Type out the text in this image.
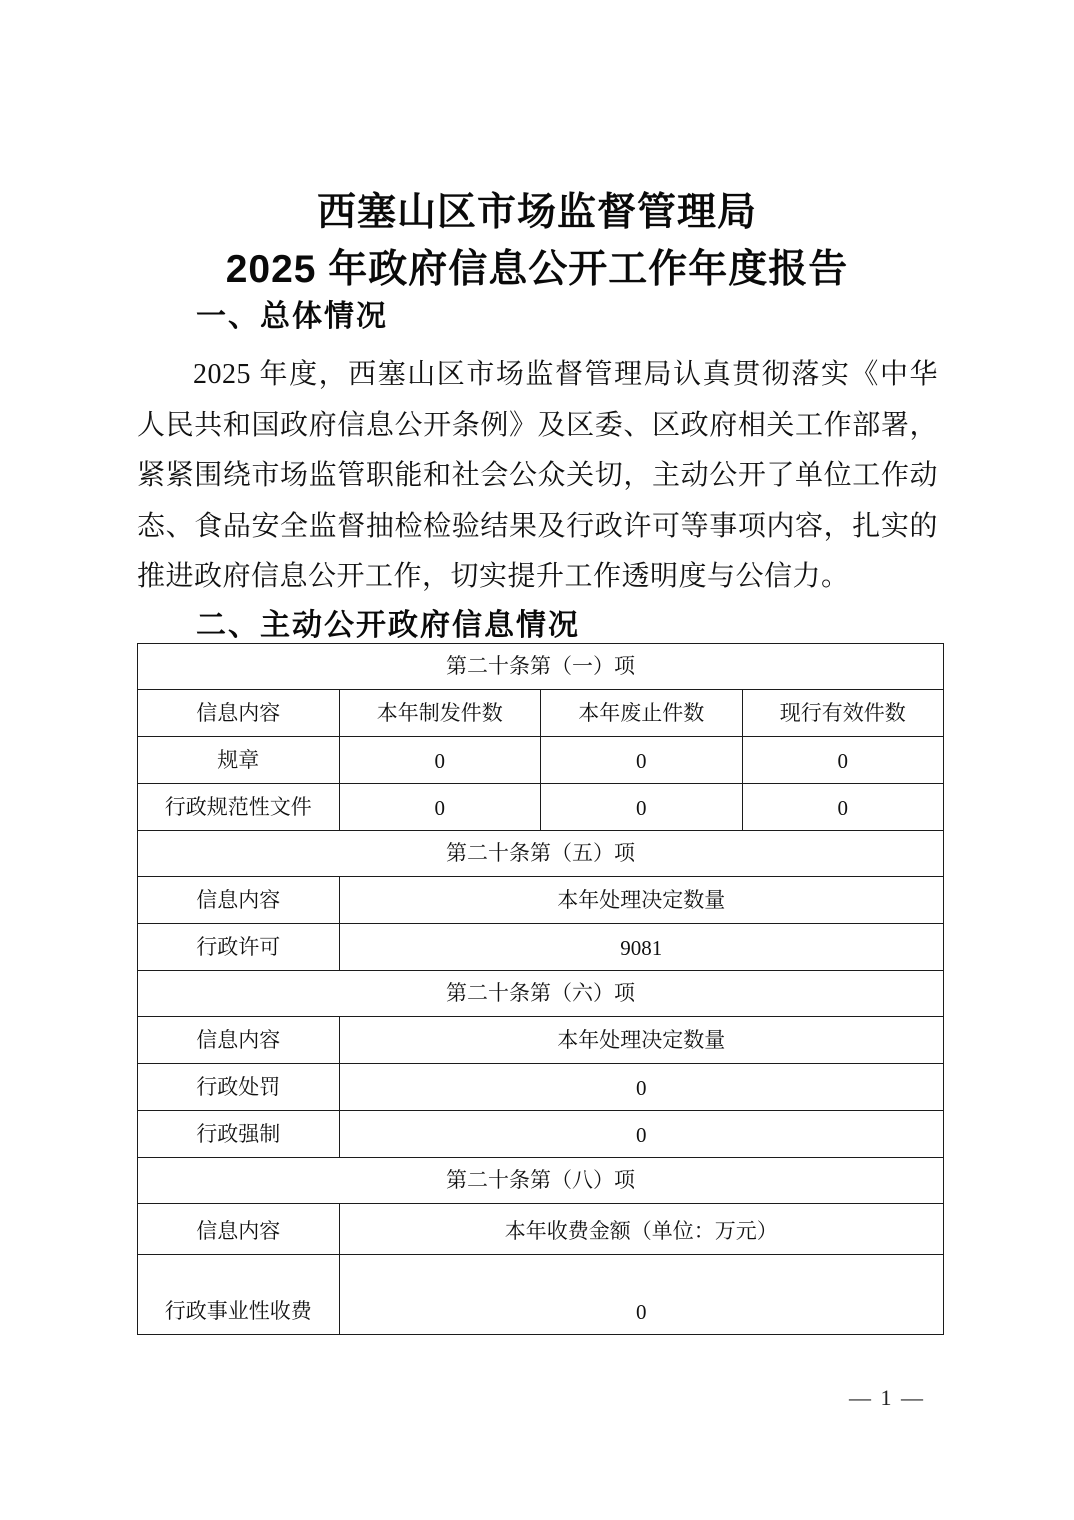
西塞山区市场监督管理局
2025 年政府信息公开工作年度报告
一、总体情况
2025 年度，西塞山区市场监督管理局认真贯彻落实《中华人民共和国政府信息公开条例》及区委、区政府相关工作部署，紧紧围绕市场监管职能和社会公众关切，主动公开了单位工作动态、食品安全监督抽检检验结果及行政许可等事项内容，扎实的推进政府信息公开工作，切实提升工作透明度与公信力。
二、主动公开政府信息情况
第二十条第（一）项			
信息内容	本年制发件数	本年废止件数	现行有效件数
规章	0	0	0
行政规范性文件	0	0	0
第二十条第（五）项			
信息内容	本年处理决定数量		
行政许可	9081		
第二十条第（六）项			
信息内容	本年处理决定数量		
行政处罚	0		
行政强制	0		
第二十条第（八）项			
信息内容	本年收费金额（单位：万元）		
行政事业性收费	0		
— 1 —
